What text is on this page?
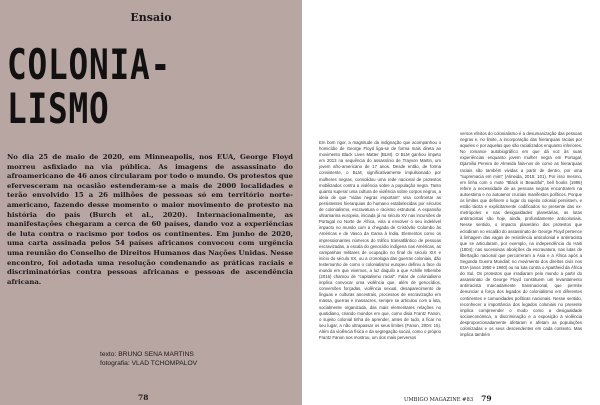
Ensaio
COLONIA-
LISMO
No dia 25 de maio de 2020, em Minneapolis, nos EUA, George Floyd morreu asfixiado na via pública. As imagens de assassinato do afroamericano de 46 anos circularam por todo o mundo. Os protestos que efervesceram na ocasião estenderam-se a mais de 2000 localidades e terão envolvido 15 a 26 milhões de pessoas só em território norte-americano, fazendo desse momento o maior movimento de protesto na história do país (Burch et al., 2020). Internacionalmente, as manifestações chegaram a cerca de 60 países, dando voz a experiências de luta contra o racismo por todos os continentes. Em junho de 2020, uma carta assinada pelos 54 países africanos convocou com urgência uma reunião do Conselho de Direitos Humanos das Nações Unidas. Nesse encontro, foi adotada uma resolução condenando as práticas raciais e discriminatórias contra pessoas africanas e pessoas de ascendência africana.
texto: BRUNO SENA MARTINS
fotografia: VLAD TCHOMPALOV
78
Em bom rigor, a magnitude da indignação que acompanhou o homicídio de George Floyd liga-se de forma mais direta ao movimento Black Lives Matter (BLM). O BLM ganhou ímpeto em 2013 na sequência do assassínio de Trayvon Martin, um jovem afro-americano de 17 anos. Desde então, de forma consistente, o BLM, significativamente impulsionado por mulheres negras, consolidou uma rede nacional de protestos mobilizados contra a violência sobre a população negra. Tanto quanto superar uma cultura de violência sobre corpos negros, a ideia de que "vidas negras importam" visa confrontar as persistentes hierarquias do humano estabelecidas por séculos de colonialismo, escravatura e racismo estrutural. A expansão ultramarina europeia, iniciada já no século XV nas incursões de Portugal no Norte de África, viria a envolver o seu indelével impacto no mundo com a chegada de Cristóvão Colombo às Américas e de Vasco da Gama à Índia. Elementos como os impressionantes números do tráfico transatlântico de pessoas escravizadas, a escala do genocídio indígena nas Américas, as campanhas militares de ocupação no final do século XIX e início do século XX, ou a cronologia das guerras coloniais, dão testemunho de como o colonialismo europeu definiu a face do mundo em que vivemos, a luz daquilo a que Achille Mbembe (2016) chamou de "capitalismo racial". Falar de colonialismo implica convocar uma violência que, além de genocídios, conversões forçadas, violência sexual, desaparecimento de línguas e culturas ancestrais, processos de escravização em massa, guerras e massacres, sempre se articulou com a luta, socialmente organizada, das mais elementares relações no quotidiano, criando mundos em que, como disia Frantz Fanon, o sujeito colonial tinha de aprender, antes de tudo, a ficar no seu lugar, a não ultrapassar os seus limites (Fanon, 2004: 15). Além da violência física e da segregação social, como o próprio Frantz Fanon nos mostrou, um dos mais perversos
versos efeitos do colonialismo é a desumanização das pessoas negras e, no limite, a incorporação das hierarquias raciais por aqueles e por aquelas que são racializados enquanto inferiores. No romance autobiográfico em que dá voz às suas experiências enquanto jovem mulher negra em Portugal, Djaimilia Pereira de Almeida fala-nos de como as hierarquias raciais são também vividas a partir de dentro, por uma "supremacia em mim" (Almeida, 2015: 101). Por isso mesmo, em linha com o mote "Black is Beautiful", bell hooks (1995) refere a necessidade de as pessoas negras encontrarem na autoestima e no autoamor cruciais manifestos políticos. Porque os limites que definem o lugar do sujeito colonial persistem, e estão tácita e explicitamente codificados no presente das ex-metrópoles e nas desigualdades planetárias, as lutas antirracistas são hoje, ainda, profundamente anticoloniais. Nesse sentido, o impacto planetário dos protestos que eclodiram no escalão do assassinato de George Floyd pertence à linhagem das vagas de resistência anticolonial e antirracista que se articularam, por exemplo, na independência do Haiti (1804); nas sucessivas abolições da escravatura, nas lutas de libertação nacional que percorreram a Ásia e a África após a Segunda Guerra Mundial; no movimento dos direitos civis nos EUA (anos 1950 e 1960) ou na luta contra o Apartheid da África do Sul. Os protestos que irradiaram pelo mundo a partir do assassinato de George Floyd constituem um levantamento antirracista marcadamente transnacional, que permite denunciar a força dos legados do colonialismo em diferentes continentes e comunidades políticas nacionais. Nesse sentido, reconhecer a importância dos legados coloniais no presente implica compreender o modo como a desigualdade socioeconómica, a discriminação e a exposição à violência desproporcionadamente afetaram e afetam as populações colonizadas e os seus descendentes em cada contexto. Mas implica também
UMBIGO MAGAZINE #83 79
